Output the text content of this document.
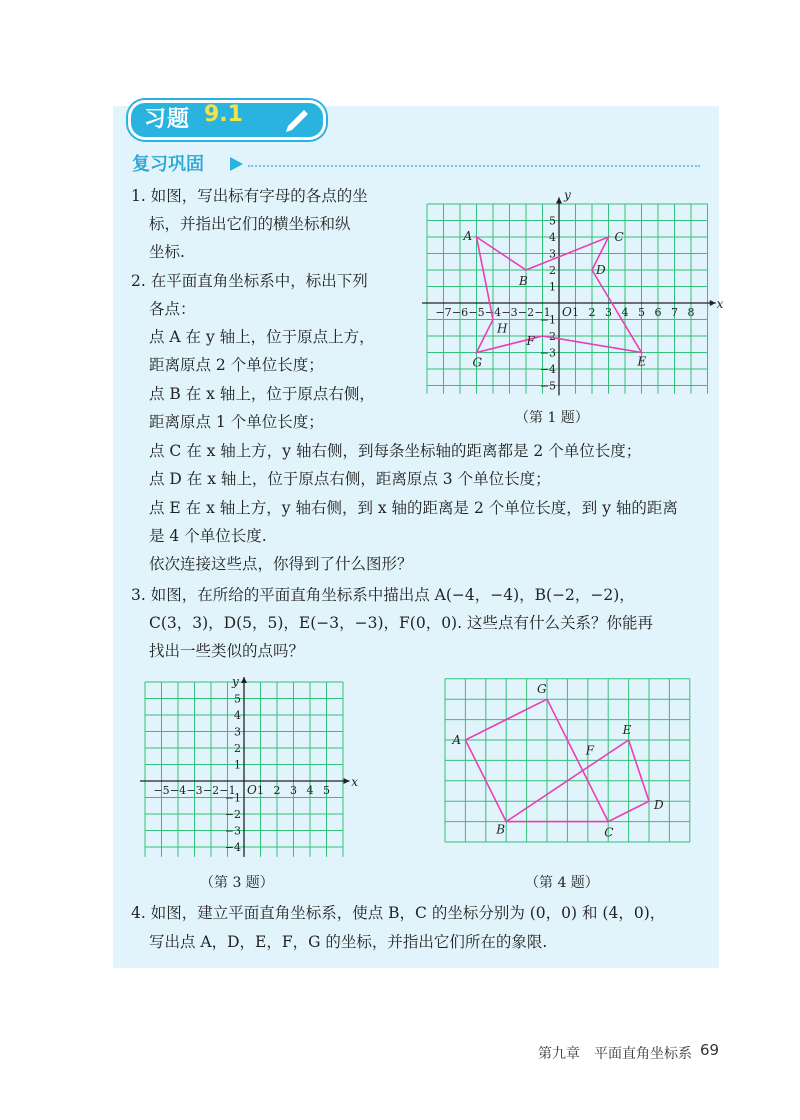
习题 9.1
复习巩固
1. 如图，写出标有字母的各点的坐
标，并指出它们的横坐标和纵
坐标.
2. 在平面直角坐标系中，标出下列
各点：
点 A 在 y 轴上，位于原点上方，
距离原点 2 个单位长度；
点 B 在 x 轴上，位于原点右侧，
距离原点 1 个单位长度；
点 C 在 x 轴上方，y 轴右侧，到每条坐标轴的距离都是 2 个单位长度；
点 D 在 x 轴上，位于原点右侧，距离原点 3 个单位长度；
点 E 在 x 轴上方，y 轴右侧，到 x 轴的距离是 2 个单位长度，到 y 轴的距离
是 4 个单位长度.
依次连接这些点，你得到了什么图形？
3. 如图，在所给的平面直角坐标系中描出点 A(−4，−4)，B(−2，−2)，
C(3，3)，D(5，5)，E(−3，−3)，F(0，0). 这些点有什么关系？你能再
找出一些类似的点吗？
4. 如图，建立平面直角坐标系，使点 B，C 的坐标分别为 (0，0) 和 (4，0)，
写出点 A，D，E，F，G 的坐标，并指出它们所在的象限.
x
y
O
−7 −6 −5 −4 −3 −2 −1 1 2 3 4 5 6 7 8
5
4
3
2
1
−1
−2
−3
−4
−5
A
B
C
D
E
F
G
H
（第 1 题）
x
y
O
−5 −4 −3 −2 −1 1 2 3 4 5
5
4
3
2
1
−1
−2
−3
−4
（第 3 题）
A
G
F
E
D
C
B
（第 4 题）
第九章　平面直角坐标系 69
